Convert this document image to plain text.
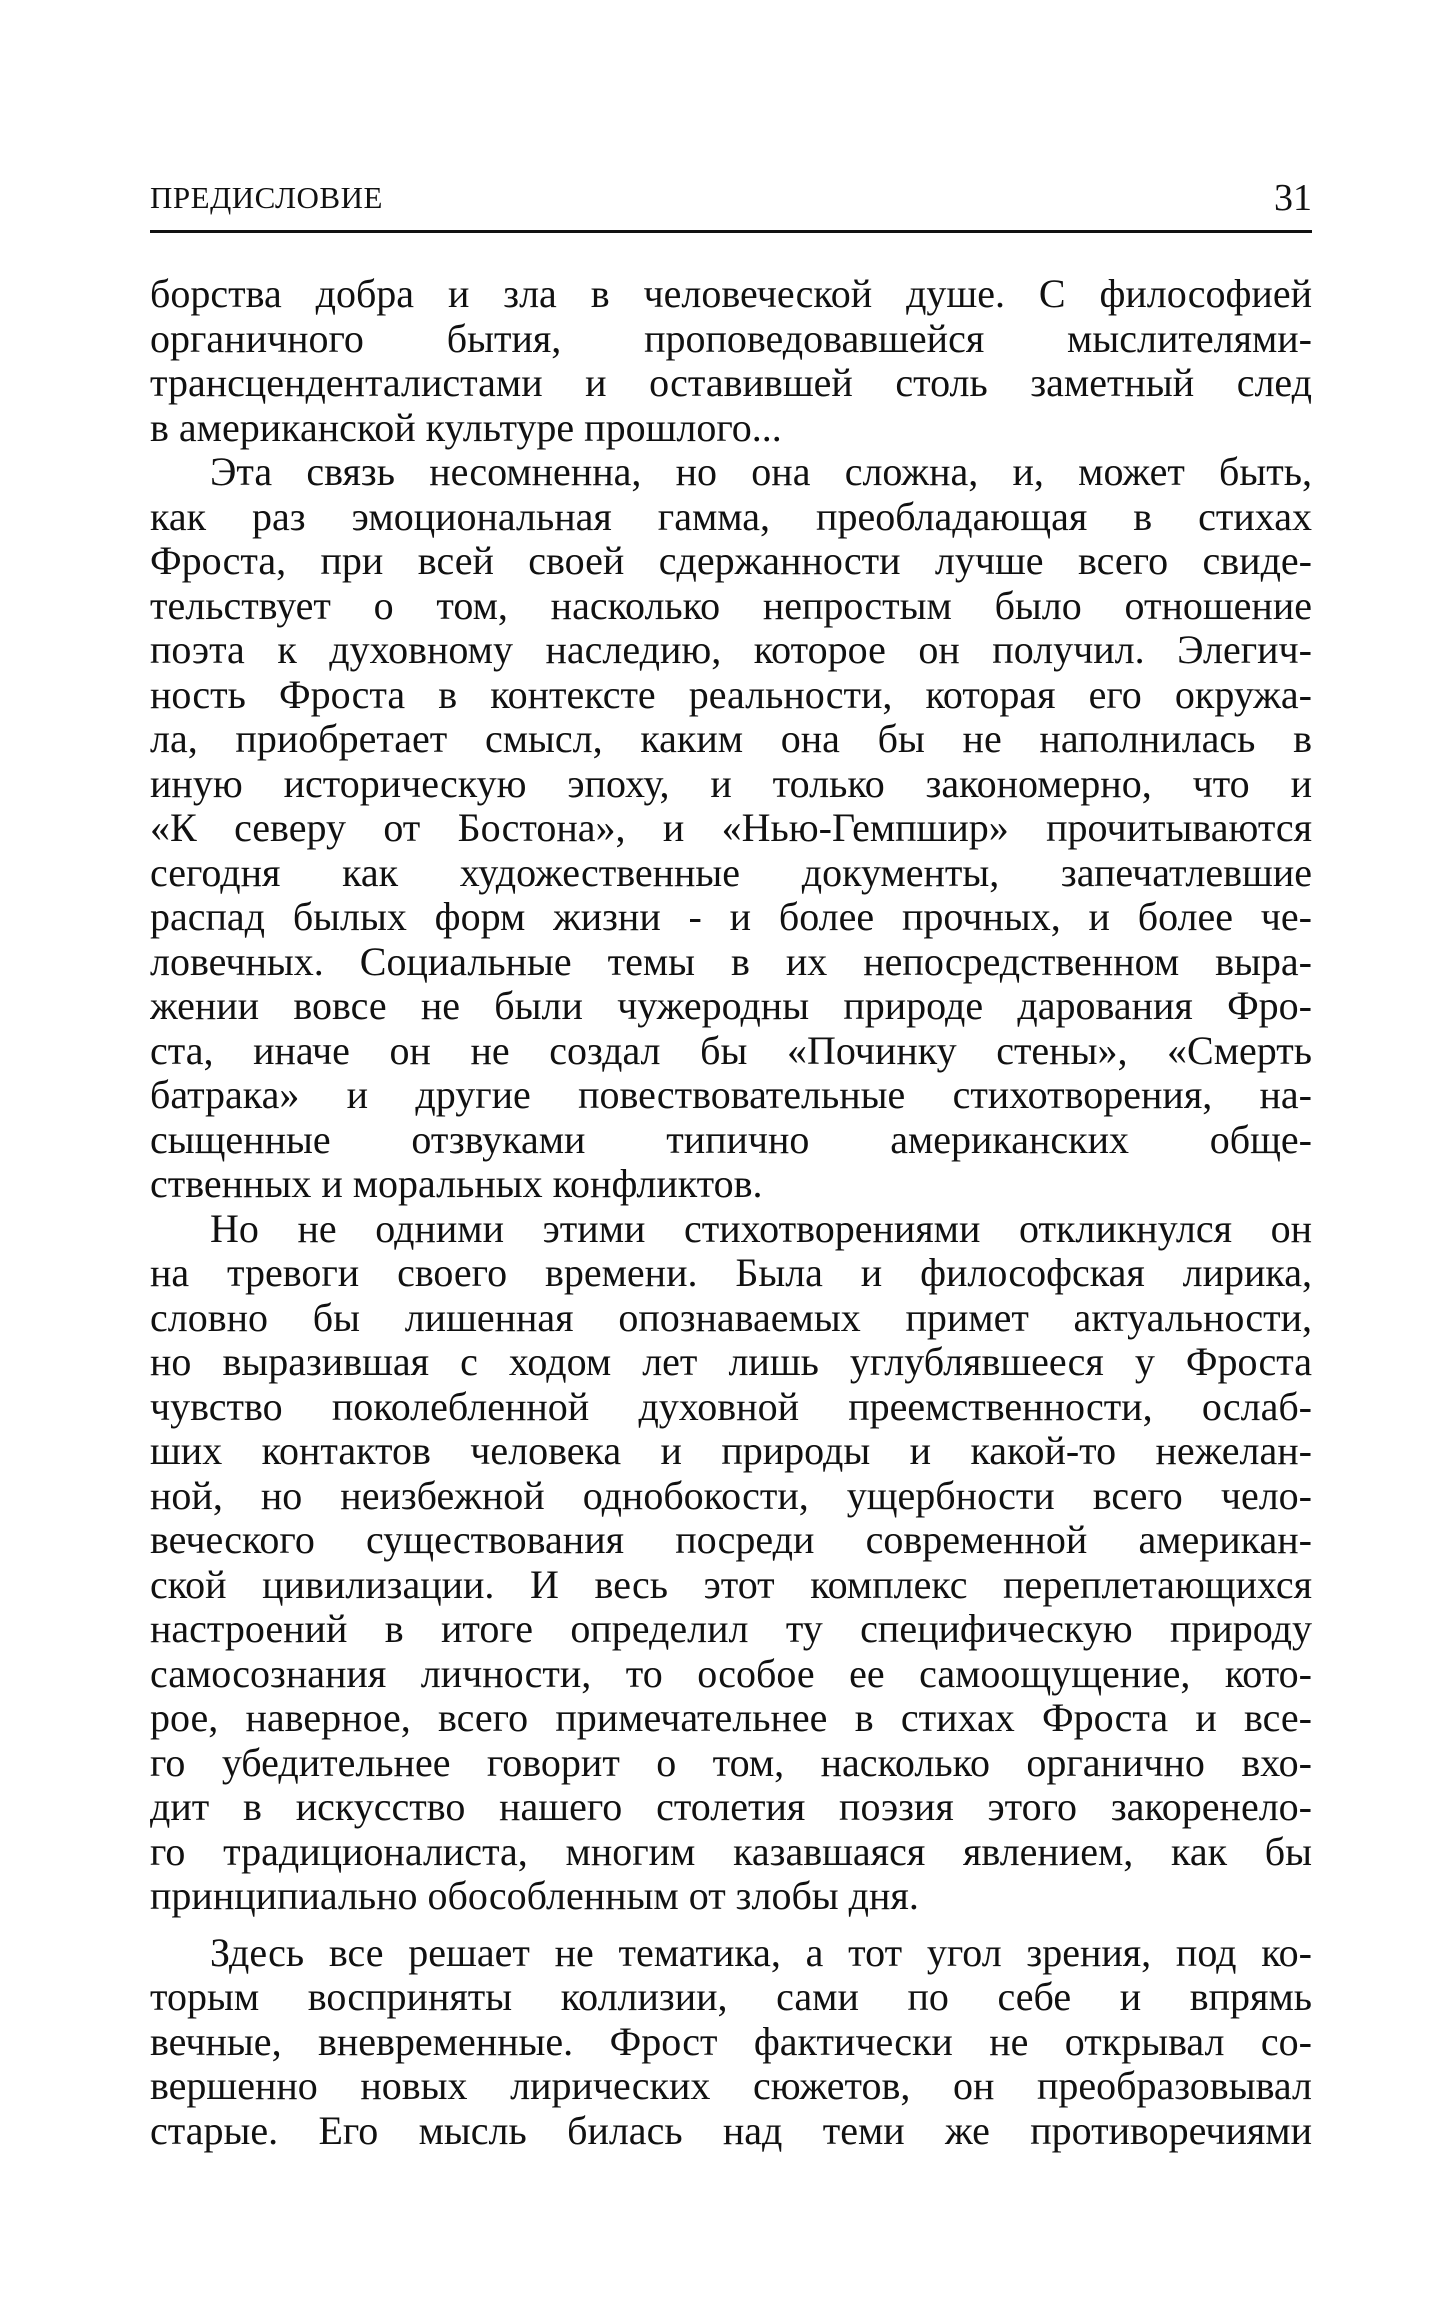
ПРЕДИСЛОВИЕ	31
борства добра и зла в человеческой душе. С философией
органичного бытия, проповедовавшейся мыслителями-
трансценденталистами и оставившей столь заметный след
в американской культуре прошлого...
Эта связь несомненна, но она сложна, и, может быть,
как раз эмоциональная гамма, преобладающая в стихах
Фроста, при всей своей сдержанности лучше всего свиде-
тельствует о том, насколько непростым было отношение
поэта к духовному наследию, которое он получил. Элегич-
ность Фроста в контексте реальности, которая его окружа-
ла, приобретает смысл, каким она бы не наполнилась в
иную историческую эпоху, и только закономерно, что и
«К северу от Бостона», и «Нью-Гемпшир» прочитываются
сегодня как художественные документы, запечатлевшие
распад былых форм жизни - и более прочных, и более че-
ловечных. Социальные темы в их непосредственном выра-
жении вовсе не были чужеродны природе дарования Фро-
ста, иначе он не создал бы «Починку стены», «Смерть
батрака» и другие повествовательные стихотворения, на-
сыщенные отзвуками типично американских обще-
ственных и моральных конфликтов.
Но не одними этими стихотворениями откликнулся он
на тревоги своего времени. Была и философская лирика,
словно бы лишенная опознаваемых примет актуальности,
но выразившая с ходом лет лишь углублявшееся у Фроста
чувство поколебленной духовной преемственности, ослаб-
ших контактов человека и природы и какой-то нежелан-
ной, но неизбежной однобокости, ущербности всего чело-
веческого существования посреди современной американ-
ской цивилизации. И весь этот комплекс переплетающихся
настроений в итоге определил ту специфическую природу
самосознания личности, то особое ее самоощущение, кото-
рое, наверное, всего примечательнее в стихах Фроста и все-
го убедительнее говорит о том, насколько органично вхо-
дит в искусство нашего столетия поэзия этого закоренело-
го традиционалиста, многим казавшаяся явлением, как бы
принципиально обособленным от злобы дня.
Здесь все решает не тематика, а тот угол зрения, под ко-
торым восприняты коллизии, сами по себе и впрямь
вечные, вневременные. Фрост фактически не открывал со-
вершенно новых лирических сюжетов, он преобразовывал
старые. Его мысль билась над теми же противоречиями
